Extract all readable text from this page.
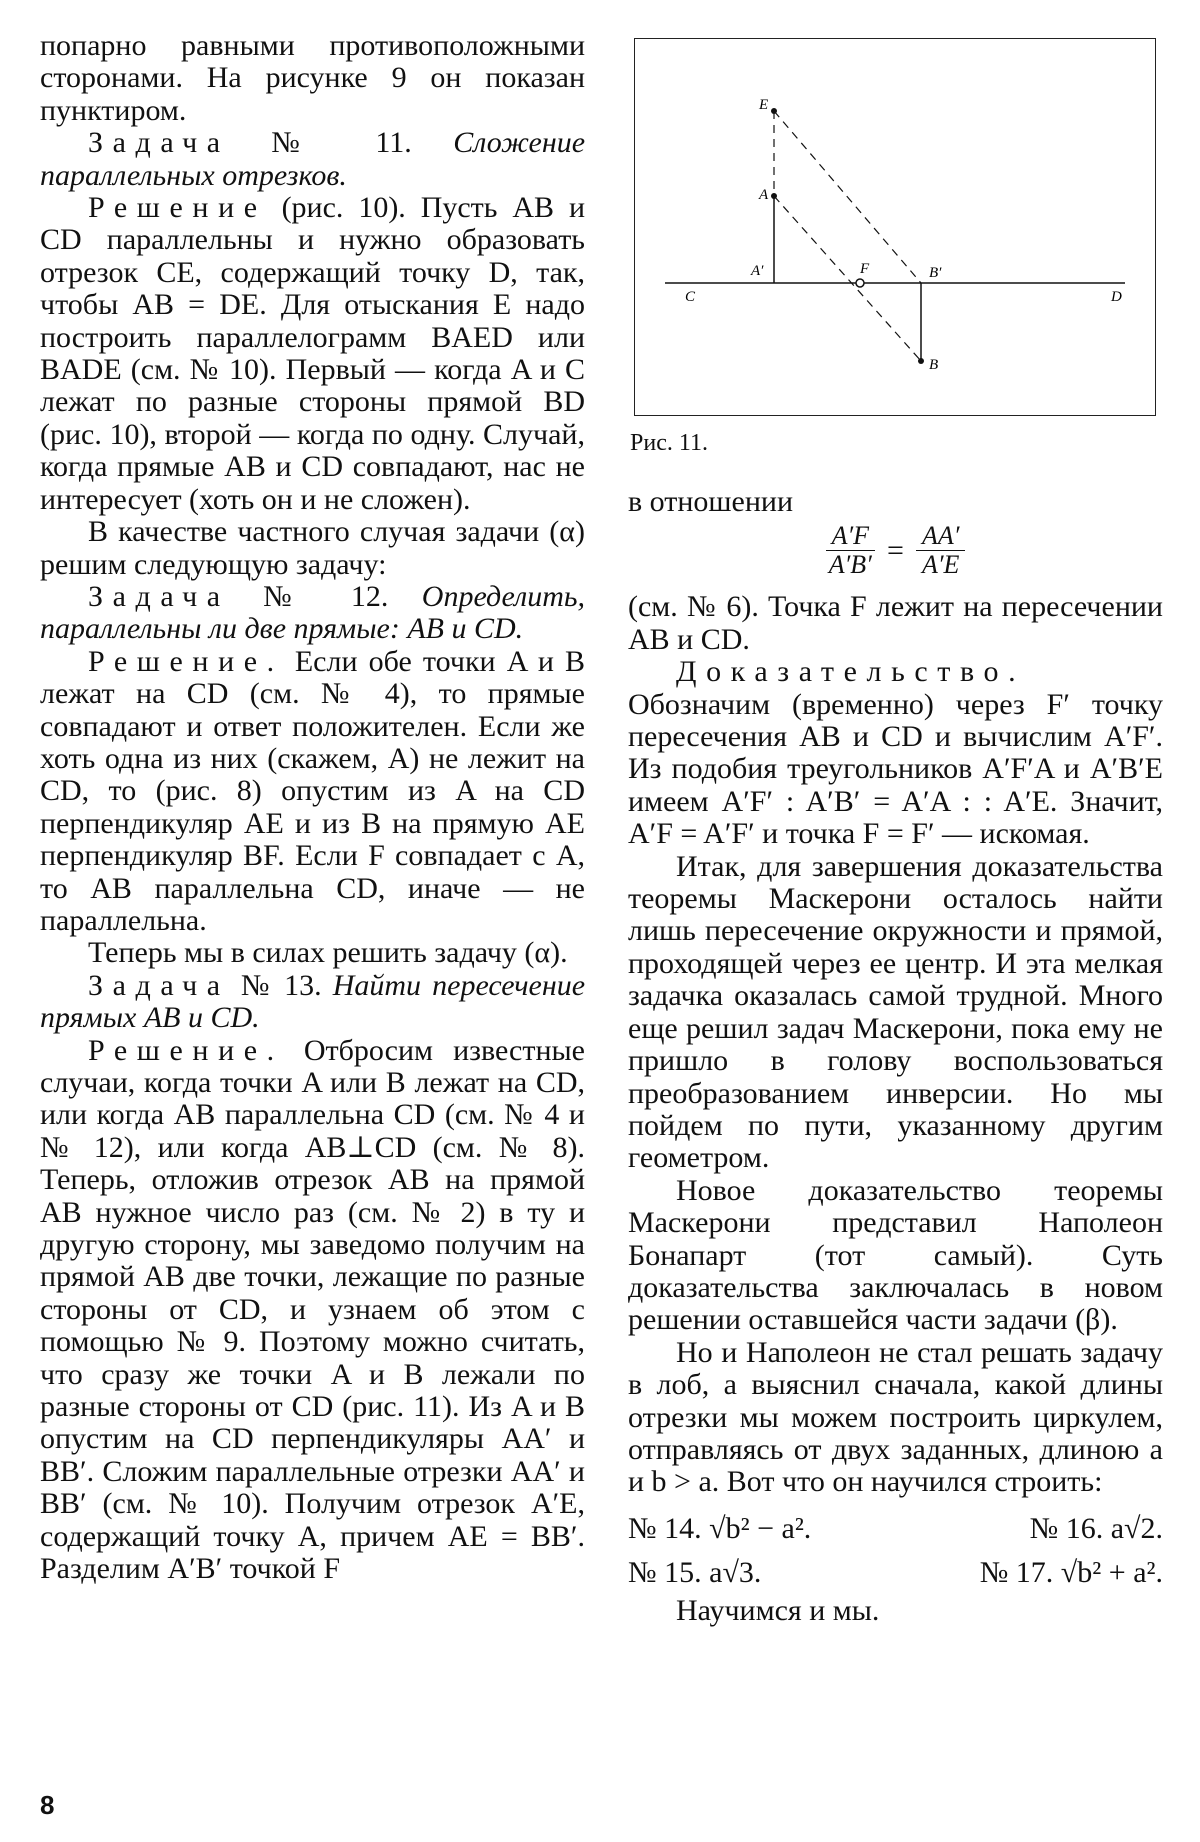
попарно равными противоположными сторонами. На рисунке 9 он показан пунктиром.

Задача № 11. Сложение параллельных отрезков.

Решение (рис. 10). Пусть AB и CD параллельны и нужно образовать отрезок CE, содержащий точку D, так, чтобы AB = DE. Для отыскания E надо построить параллелограмм BAED или BADE (см. № 10). Первый — когда A и C лежат по разные стороны прямой BD (рис. 10), второй — когда по одну. Случай, когда прямые AB и CD совпадают, нас не интересует (хоть он и не сложен).

В качестве частного случая задачи (α) решим следующую задачу:

Задача № 12. Определить, параллельны ли две прямые: AB и CD.

Решение. Если обе точки A и B лежат на CD (см. № 4), то прямые совпадают и ответ положителен. Если же хоть одна из них (скажем, A) не лежит на CD, то (рис. 8) опустим из A на CD перпендикуляр AE и из B на прямую AE перпендикуляр BF. Если F совпадает с A, то AB параллельна CD, иначе — не параллельна.

Теперь мы в силах решить задачу (α).

Задача № 13. Найти пересечение прямых AB и CD.

Решение. Отбросим известные случаи, когда точки A или B лежат на CD, или когда AB параллельна CD (см. № 4 и № 12), или когда AB⊥CD (см. № 8). Теперь, отложив отрезок AB на прямой AB нужное число раз (см. № 2) в ту и другую сторону, мы заведомо получим на прямой AB две точки, лежащие по разные стороны от CD, и узнаем об этом с помощью № 9. Поэтому можно считать, что сразу же точки A и B лежали по разные стороны от CD (рис. 11). Из A и B опустим на CD перпендикуляры AA′ и BB′. Сложим параллельные отрезки AA′ и BB′ (см. № 10). Получим отрезок A′E, содержащий точку A, причем AE = BB′. Разделим A′B′ точкой F

E
A
A′	F	B′
C	D
B
Рис. 11.

в отношении

$\frac{A'F}{A'B'} = \frac{AA'}{A'E}$

(см. № 6). Точка F лежит на пересечении AB и CD.

Доказательство. Обозначим (временно) через F′ точку пересечения AB и CD и вычислим A′F′. Из подобия треугольников A′F′A и A′B′E имеем A′F′ : A′B′ = A′A : : A′E. Значит, A′F = A′F′ и точка F = F′ — искомая.

Итак, для завершения доказательства теоремы Маскерони осталось найти лишь пересечение окружности и прямой, проходящей через ее центр. И эта мелкая задачка оказалась самой трудной. Много еще решил задач Маскерони, пока ему не пришло в голову воспользоваться преобразованием инверсии. Но мы пойдем по пути, указанному другим геометром.

Новое доказательство теоремы Маскерони представил Наполеон Бонапарт (тот самый). Суть доказательства заключалась в новом решении оставшейся части задачи (β).

Но и Наполеон не стал решать задачу в лоб, а выяснил сначала, какой длины отрезки мы можем построить циркулем, отправляясь от двух заданных, длиною a и b > a. Вот что он научился строить:

№ 14. √b² − a².	№ 16. a√2.
№ 15. a√3.	№ 17. √b² + a².

Научимся и мы.

8
